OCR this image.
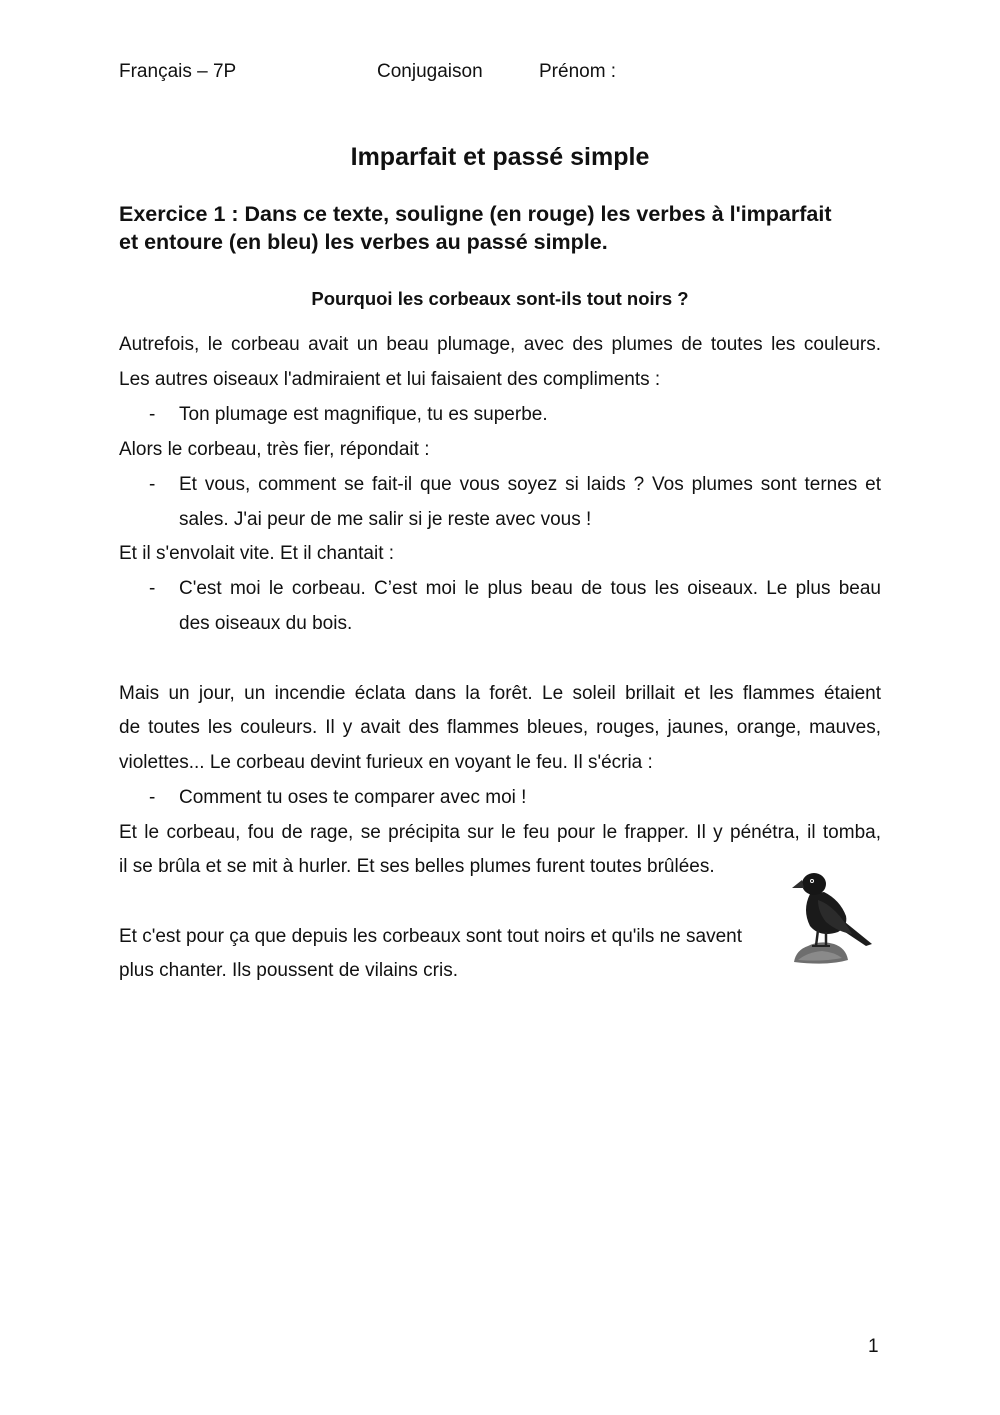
Français – 7P	Conjugaison	Prénom :
Imparfait et passé simple
Exercice 1 : Dans ce texte, souligne (en rouge) les verbes à l'imparfait
et entoure (en bleu) les verbes au passé simple.
Pourquoi les corbeaux sont-ils tout noirs ?
Autrefois, le corbeau avait un beau plumage, avec des plumes de toutes les couleurs.
Les autres oiseaux l'admiraient et lui faisaient des compliments :
- Ton plumage est magnifique, tu es superbe.
Alors le corbeau, très fier, répondait :
- Et vous, comment se fait-il que vous soyez si laids ? Vos plumes sont ternes et
sales. J'ai peur de me salir si je reste avec vous !
Et il s'envolait vite. Et il chantait :
- C'est moi le corbeau. C’est moi le plus beau de tous les oiseaux. Le plus beau
des oiseaux du bois.
Mais un jour, un incendie éclata dans la forêt. Le soleil brillait et les flammes étaient
de toutes les couleurs. Il y avait des flammes bleues, rouges, jaunes, orange, mauves,
violettes... Le corbeau devint furieux en voyant le feu. Il s'écria :
- Comment tu oses te comparer avec moi !
Et le corbeau, fou de rage, se précipita sur le feu pour le frapper. Il y pénétra, il tomba,
il se brûla et se mit à hurler. Et ses belles plumes furent toutes brûlées.
Et c'est pour ça que depuis les corbeaux sont tout noirs et qu'ils ne savent
plus chanter. Ils poussent de vilains cris.
1
